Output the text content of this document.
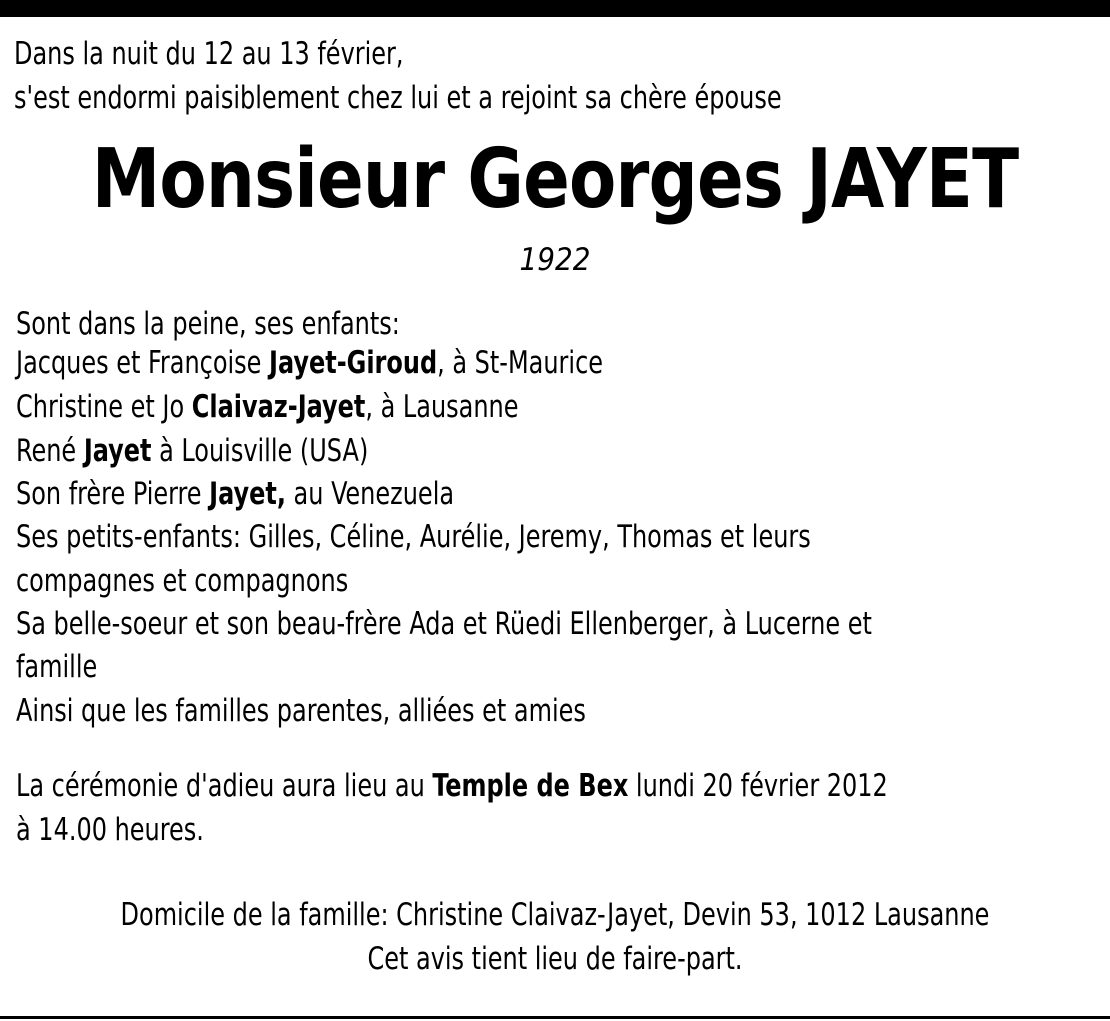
Dans la nuit du 12 au 13 février,
s'est endormi paisiblement chez lui et a rejoint sa chère épouse
Monsieur Georges JAYET
1922
Sont dans la peine, ses enfants:
Jacques et Françoise Jayet-Giroud, à St-Maurice
Christine et Jo Claivaz-Jayet, à Lausanne
René Jayet à Louisville (USA)
Son frère Pierre Jayet, au Venezuela
Ses petits-enfants: Gilles, Céline, Aurélie, Jeremy, Thomas et leurs
compagnes et compagnons
Sa belle-soeur et son beau-frère Ada et Rüedi Ellenberger, à Lucerne et
famille
Ainsi que les familles parentes, alliées et amies
La cérémonie d'adieu aura lieu au Temple de Bex lundi 20 février 2012
à 14.00 heures.
Domicile de la famille: Christine Claivaz-Jayet, Devin 53, 1012 Lausanne
Cet avis tient lieu de faire-part.
